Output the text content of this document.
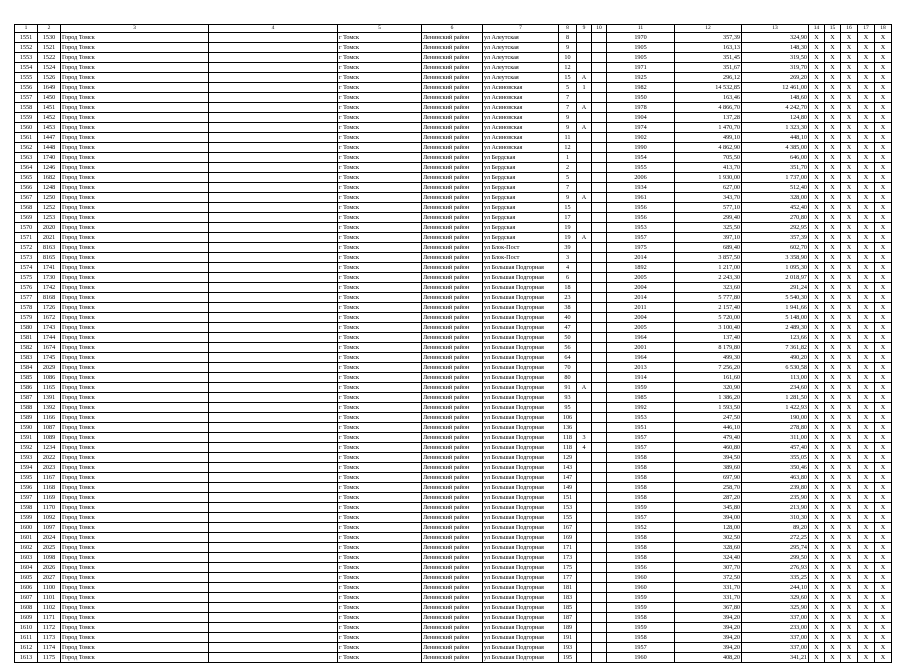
1	2	3	4	5	6	7	8	9	10	11	12	13	14	15	16	17	18
1551	1530	Город Томск		г Томск	Ленинский район	ул Алеутская	8			1970	357,39	324,90	X	X	X	X	X
1552	1521	Город Томск		г Томск	Ленинский район	ул Алеутская	9			1905	163,13	148,30	X	X	X	X	X
1553	1522	Город Томск		г Томск	Ленинский район	ул Алеутская	10			1905	351,45	319,50	X	X	X	X	X
1554	1524	Город Томск		г Томск	Ленинский район	ул Алеутская	12			1971	351,67	319,70	X	X	X	X	X
1555	1526	Город Томск		г Томск	Ленинский район	ул Алеутская	15	А		1925	296,12	269,20	X	X	X	X	X
1556	1649	Город Томск		г Томск	Ленинский район	ул Асиновская	5	1		1982	14 532,85	12 461,00	X	X	X	X	X
1557	1450	Город Томск		г Томск	Ленинский район	ул Асиновская	7			1950	163,46	148,60	X	X	X	X	X
1558	1451	Город Томск		г Томск	Ленинский район	ул Асиновская	7	А		1978	4 866,70	4 242,70	X	X	X	X	X
1559	1452	Город Томск		г Томск	Ленинский район	ул Асиновская	9			1904	137,28	124,80	X	X	X	X	X
1560	1453	Город Томск		г Томск	Ленинский район	ул Асиновская	9	А		1974	1 470,70	1 323,30	X	X	X	X	X
1561	1447	Город Томск		г Томск	Ленинский район	ул Асиновская	11			1902	499,10	448,10	X	X	X	X	X
1562	1448	Город Томск		г Томск	Ленинский район	ул Асиновская	12			1990	4 862,90	4 385,00	X	X	X	X	X
1563	1740	Город Томск		г Томск	Ленинский район	ул Бердская	1			1954	705,50	646,00	X	X	X	X	X
1564	1246	Город Томск		г Томск	Ленинский район	ул Бердская	2			1955	413,70	351,70	X	X	X	X	X
1565	1682	Город Томск		г Томск	Ленинский район	ул Бердская	5			2006	1 930,00	1 737,00	X	X	X	X	X
1566	1248	Город Томск		г Томск	Ленинский район	ул Бердская	7			1934	627,00	512,40	X	X	X	X	X
1567	1250	Город Томск		г Томск	Ленинский район	ул Бердская	9	А		1961	343,70	328,00	X	X	X	X	X
1568	1252	Город Томск		г Томск	Ленинский район	ул Бердская	15			1956	577,10	452,40	X	X	X	X	X
1569	1253	Город Томск		г Томск	Ленинский район	ул Бердская	17			1956	299,40	270,80	X	X	X	X	X
1570	2020	Город Томск		г Томск	Ленинский район	ул Бердская	19			1953	325,50	292,95	X	X	X	X	X
1571	2021	Город Томск		г Томск	Ленинский район	ул Бердская	19	А		1957	397,10	357,39	X	X	X	X	X
1572	8163	Город Томск		г Томск	Ленинский район	ул Блок-Пост	39			1975	689,40	602,70	X	X	X	X	X
1573	8165	Город Томск		г Томск	Ленинский район	ул Блок-Пост	3			2014	3 857,50	3 358,90	X	X	X	X	X
1574	1741	Город Томск		г Томск	Ленинский район	ул Большая Подгорная	4			1892	1 217,00	1 095,30	X	X	X	X	X
1575	1730	Город Томск		г Томск	Ленинский район	ул Большая Подгорная	6			2005	2 243,30	2 018,97	X	X	X	X	X
1576	1742	Город Томск		г Томск	Ленинский район	ул Большая Подгорная	18			2004	323,60	291,24	X	X	X	X	X
1577	8168	Город Томск		г Томск	Ленинский район	ул Большая Подгорная	23			2014	5 777,80	5 540,30	X	X	X	X	X
1578	1726	Город Томск		г Томск	Ленинский район	ул Большая Подгорная	38			2011	2 157,40	1 941,66	X	X	X	X	X
1579	1672	Город Томск		г Томск	Ленинский район	ул Большая Подгорная	40			2004	5 720,00	5 148,00	X	X	X	X	X
1580	1743	Город Томск		г Томск	Ленинский район	ул Большая Подгорная	47			2005	3 100,40	2 489,30	X	X	X	X	X
1581	1744	Город Томск		г Томск	Ленинский район	ул Большая Подгорная	50			1964	137,40	123,66	X	X	X	X	X
1582	1674	Город Томск		г Томск	Ленинский район	ул Большая Подгорная	56			2001	8 179,80	7 361,82	X	X	X	X	X
1583	1745	Город Томск		г Томск	Ленинский район	ул Большая Подгорная	64			1964	499,30	490,20	X	X	X	X	X
1584	2029	Город Томск		г Томск	Ленинский район	ул Большая Подгорная	70			2013	7 256,20	6 530,58	X	X	X	X	X
1585	1086	Город Томск		г Томск	Ленинский район	ул Большая Подгорная	80			1914	161,60	113,00	X	X	X	X	X
1586	1165	Город Томск		г Томск	Ленинский район	ул Большая Подгорная	91	А		1959	320,90	234,60	X	X	X	X	X
1587	1391	Город Томск		г Томск	Ленинский район	ул Большая Подгорная	93			1985	1 386,20	1 281,50	X	X	X	X	X
1588	1392	Город Томск		г Томск	Ленинский район	ул Большая Подгорная	95			1992	1 593,50	1 422,93	X	X	X	X	X
1589	1166	Город Томск		г Томск	Ленинский район	ул Большая Подгорная	106			1953	247,50	190,00	X	X	X	X	X
1590	1087	Город Томск		г Томск	Ленинский район	ул Большая Подгорная	136			1951	446,10	278,80	X	X	X	X	X
1591	1089	Город Томск		г Томск	Ленинский район	ул Большая Подгорная	118	3		1957	479,40	311,00	X	X	X	X	X
1592	1234	Город Томск		г Томск	Ленинский район	ул Большая Подгорная	118	4		1957	460,80	457,40	X	X	X	X	X
1593	2022	Город Томск		г Томск	Ленинский район	ул Большая Подгорная	129			1958	394,50	355,05	X	X	X	X	X
1594	2023	Город Томск		г Томск	Ленинский район	ул Большая Подгорная	143			1958	389,60	350,46	X	X	X	X	X
1595	1167	Город Томск		г Томск	Ленинский район	ул Большая Подгорная	147			1958	697,90	463,80	X	X	X	X	X
1596	1168	Город Томск		г Томск	Ленинский район	ул Большая Подгорная	149			1958	258,70	239,80	X	X	X	X	X
1597	1169	Город Томск		г Томск	Ленинский район	ул Большая Подгорная	151			1958	287,20	235,90	X	X	X	X	X
1598	1170	Город Томск		г Томск	Ленинский район	ул Большая Подгорная	153			1959	345,80	213,90	X	X	X	X	X
1599	1092	Город Томск		г Томск	Ленинский район	ул Большая Подгорная	155			1957	394,00	310,30	X	X	X	X	X
1600	1097	Город Томск		г Томск	Ленинский район	ул Большая Подгорная	167			1952	128,00	89,20	X	X	X	X	X
1601	2024	Город Томск		г Томск	Ленинский район	ул Большая Подгорная	169			1958	302,50	272,25	X	X	X	X	X
1602	2025	Город Томск		г Томск	Ленинский район	ул Большая Подгорная	171			1958	328,60	295,74	X	X	X	X	X
1603	1098	Город Томск		г Томск	Ленинский район	ул Большая Подгорная	173			1958	324,40	299,50	X	X	X	X	X
1604	2026	Город Томск		г Томск	Ленинский район	ул Большая Подгорная	175			1956	307,70	276,93	X	X	X	X	X
1605	2027	Город Томск		г Томск	Ленинский район	ул Большая Подгорная	177			1960	372,50	335,25	X	X	X	X	X
1606	1100	Город Томск		г Томск	Ленинский район	ул Большая Подгорная	181			1960	331,70	244,10	X	X	X	X	X
1607	1101	Город Томск		г Томск	Ленинский район	ул Большая Подгорная	183			1959	331,70	329,60	X	X	X	X	X
1608	1102	Город Томск		г Томск	Ленинский район	ул Большая Подгорная	185			1959	367,80	325,90	X	X	X	X	X
1609	1171	Город Томск		г Томск	Ленинский район	ул Большая Подгорная	187			1958	394,20	337,00	X	X	X	X	X
1610	1172	Город Томск		г Томск	Ленинский район	ул Большая Подгорная	189			1959	394,20	233,00	X	X	X	X	X
1611	1173	Город Томск		г Томск	Ленинский район	ул Большая Подгорная	191			1958	394,20	337,00	X	X	X	X	X
1612	1174	Город Томск		г Томск	Ленинский район	ул Большая Подгорная	193			1957	394,20	337,00	X	X	X	X	X
1613	1175	Город Томск		г Томск	Ленинский район	ул Большая Подгорная	195			1960	408,20	341,21	X	X	X	X	X
